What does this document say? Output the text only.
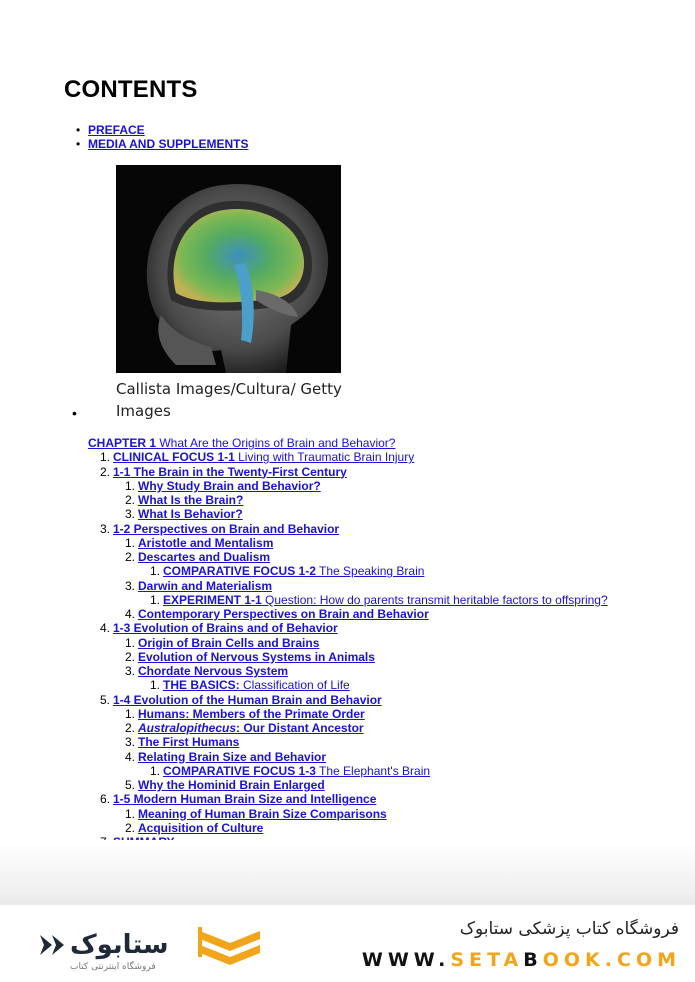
CONTENTS
• PREFACE
• MEDIA AND SUPPLEMENTS
Callista Images/Cultura/ Getty Images
•
CHAPTER 1 What Are the Origins of Brain and Behavior?
1. CLINICAL FOCUS 1-1 Living with Traumatic Brain Injury
2. 1-1 The Brain in the Twenty-First Century
1. Why Study Brain and Behavior?
2. What Is the Brain?
3. What Is Behavior?
3. 1-2 Perspectives on Brain and Behavior
1. Aristotle and Mentalism
2. Descartes and Dualism
1. COMPARATIVE FOCUS 1-2 The Speaking Brain
3. Darwin and Materialism
1. EXPERIMENT 1-1 Question: How do parents transmit heritable factors to offspring?
4. Contemporary Perspectives on Brain and Behavior
4. 1-3 Evolution of Brains and of Behavior
1. Origin of Brain Cells and Brains
2. Evolution of Nervous Systems in Animals
3. Chordate Nervous System
1. THE BASICS: Classification of Life
5. 1-4 Evolution of the Human Brain and Behavior
1. Humans: Members of the Primate Order
2. Australopithecus: Our Distant Ancestor
3. The First Humans
4. Relating Brain Size and Behavior
1. COMPARATIVE FOCUS 1-3 The Elephant's Brain
5. Why the Hominid Brain Enlarged
6. 1-5 Modern Human Brain Size and Intelligence
1. Meaning of Human Brain Size Comparisons
2. Acquisition of Culture
ستابوک
فروشگاه اینترنتی کتاب
فروشگاه کتاب پزشکی ستابوک
WWW.SETABOOK.COM
